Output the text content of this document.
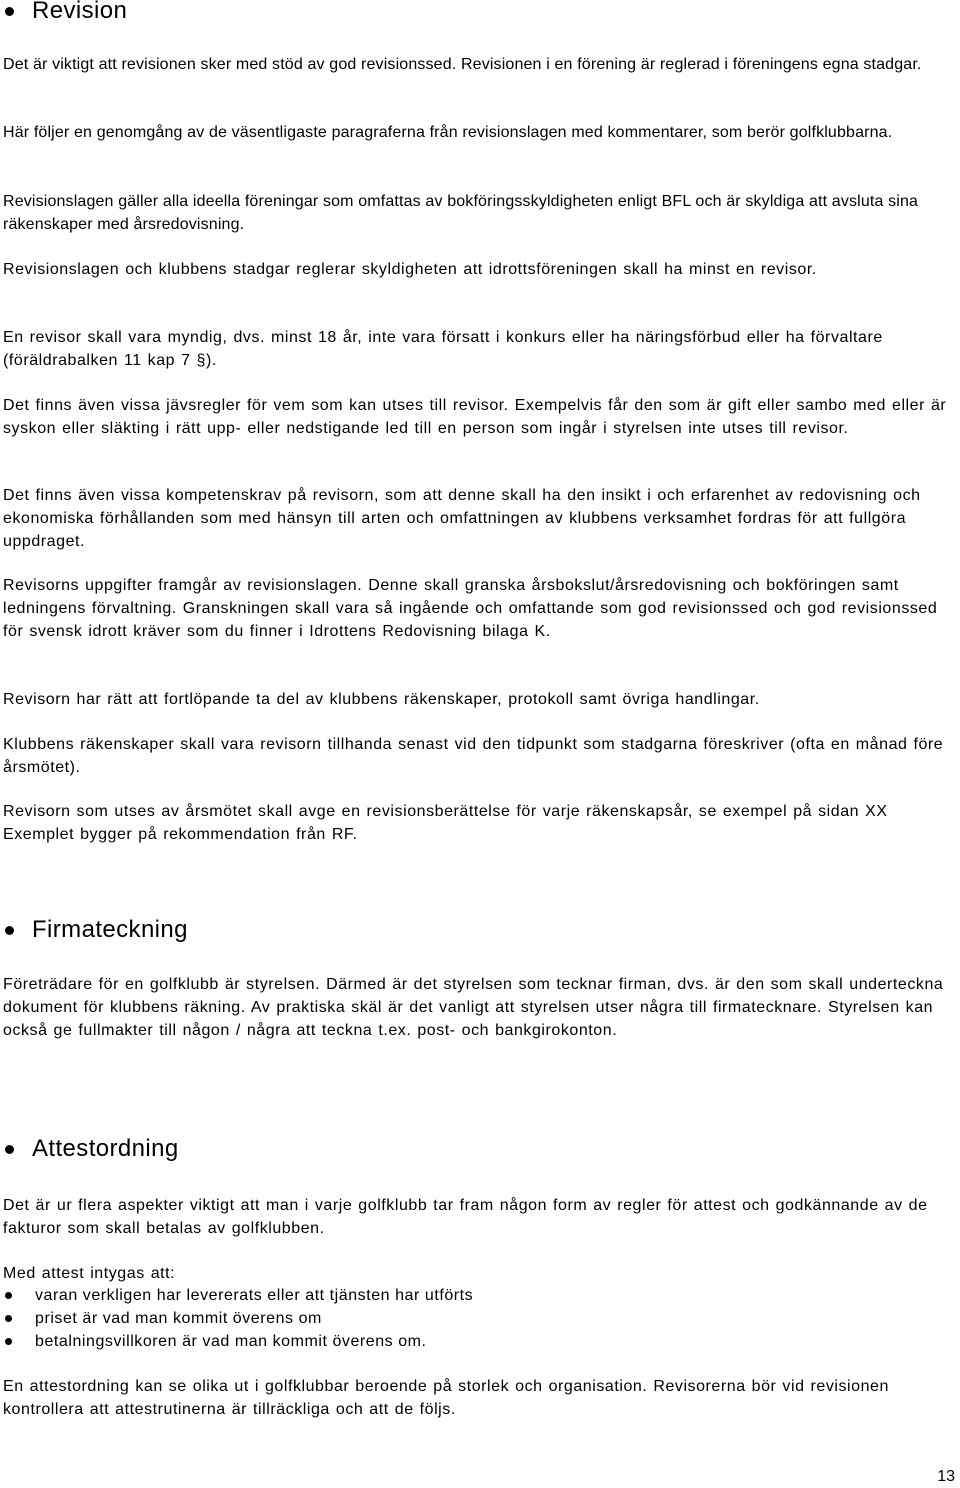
Revision

Det är viktigt att revisionen sker med stöd av god revisionssed. Revisionen i en förening är reglerad i föreningens egna stadgar.

Här följer en genomgång av de väsentligaste paragraferna från revisionslagen med kommentarer, som berör golfklubbarna.

Revisionslagen gäller alla ideella föreningar som omfattas av bokföringsskyldigheten enligt BFL och är skyldiga att avsluta sina räkenskaper med årsredovisning.

Revisionslagen och klubbens stadgar reglerar skyldigheten att idrottsföreningen skall ha minst en revisor.

En revisor skall vara myndig, dvs. minst 18 år, inte vara försatt i konkurs eller ha näringsförbud eller ha förvaltare (föräldrabalken 11 kap 7 §).

Det finns även vissa jävsregler för vem som kan utses till revisor. Exempelvis får den som är gift eller sambo med eller är syskon eller släkting i rätt upp- eller nedstigande led till en person som ingår i styrelsen inte utses till revisor.

Det finns även vissa kompetenskrav på revisorn, som att denne skall ha den insikt i och erfarenhet av redovisning och ekonomiska förhållanden som med hänsyn till arten och omfattningen av klubbens verksamhet fordras för att fullgöra uppdraget.

Revisorns uppgifter framgår av revisionslagen. Denne skall granska årsbokslut/årsredovisning och bokföringen samt ledningens förvaltning. Granskningen skall vara så ingående och omfattande som god revisionssed och god revisionssed för svensk idrott kräver som du finner i Idrottens Redovisning bilaga K.

Revisorn har rätt att fortlöpande ta del av klubbens räkenskaper, protokoll samt övriga handlingar.

Klubbens räkenskaper skall vara revisorn tillhanda senast vid den tidpunkt som stadgarna föreskriver (ofta en månad före årsmötet).

Revisorn som utses av årsmötet skall avge en revisionsberättelse för varje räkenskapsår, se exempel på sidan XX Exemplet bygger på rekommendation från RF.

Firmateckning

Företrädare för en golfklubb är styrelsen. Därmed är det styrelsen som tecknar firman, dvs. är den som skall underteckna dokument för klubbens räkning. Av praktiska skäl är det vanligt att styrelsen utser några till firmatecknare. Styrelsen kan också ge fullmakter till någon / några att teckna t.ex. post- och bankgirokonton.

Attestordning

Det är ur flera aspekter viktigt att man i varje golfklubb tar fram någon form av regler för attest och godkännande av de fakturor som skall betalas av golfklubben.

Med attest intygas att:

varan verkligen har levererats eller att tjänsten har utförts
priset är vad man kommit överens om
betalningsvillkoren är vad man kommit överens om.

En attestordning kan se olika ut i golfklubbar beroende på storlek och organisation. Revisorerna bör vid revisionen kontrollera att attestrutinerna är tillräckliga och att de följs.

13
